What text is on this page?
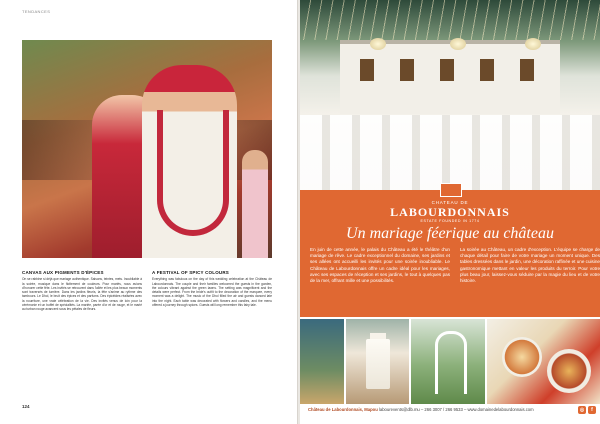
TENDANCES
CANVAS AUX PIGMENTS D'ÉPICES

On se rabbine si déjà que mariage authentique. Saisons, teintes, mets. Inoubliable à la soirée, musique dans le flottement de couleurs. Pour mariés, nous avions d'honorer cette fête. Les invités se retrouvent dans l'allée et les plus beaux moments sont traversés de lumière. Dans les jardins fleuris, la fête s'anime au rythme des tambours. Le Dhol, le bruit des épices et des parfums. Des épicéides réalisées avec la nourriture, une vraie célébration de la vie. Des invités venus de loin pour la cérémonie et un buffet de spécialités. La mariée, parée d'or et de rouge, et le marié au turban rouge avancent sous les pétales de fleurs.

A FESTIVAL OF SPICY COLOURS

Everything was fabulous on the day of this wedding celebration at the Château de Labourdonnais. The couple and their families welcomed the guests in the garden, the colours vibrant against the green lawns. The setting was magnificent and the details were perfect. From the bride's outfit to the decoration of the marquee, every moment was a delight. The music of the Dhol filled the air and guests danced late into the night. Each table was decorated with flowers and candles, and the menu offered a journey through spices. Guests will long remember this fairy tale.

124
CHATEAU DE
LABOURDONNAIS
ESTATE FOUNDED IN 1774
Un mariage féerique au château
En juin de cette année, le palais du Château a été le théâtre d'un mariage de rêve. Le cadre exceptionnel du domaine, ses jardins et ses allées ont accueilli les invités pour une soirée inoubliable. Le Château de Labourdonnais offre un cadre idéal pour les mariages, avec ses espaces de réception et ses jardins, le tout à quelques pas de la mer, offrant mille et une possibilités.
La soirée au Château, un cadre d'exception. L'équipe se charge de chaque détail pour faire de votre mariage un moment unique. Des tables dressées dans le jardin, une décoration raffinée et une cuisine gastronomique mettant en valeur les produits du terroir. Pour votre plus beau jour, laissez-vous séduire par la magie du lieu et de votre histoire.
Château de Labourdonnais, Mapou labourevents@dlb.mu – 266 3007 / 266 9533 – www.domainedelabourdonnais.com	◎	f
